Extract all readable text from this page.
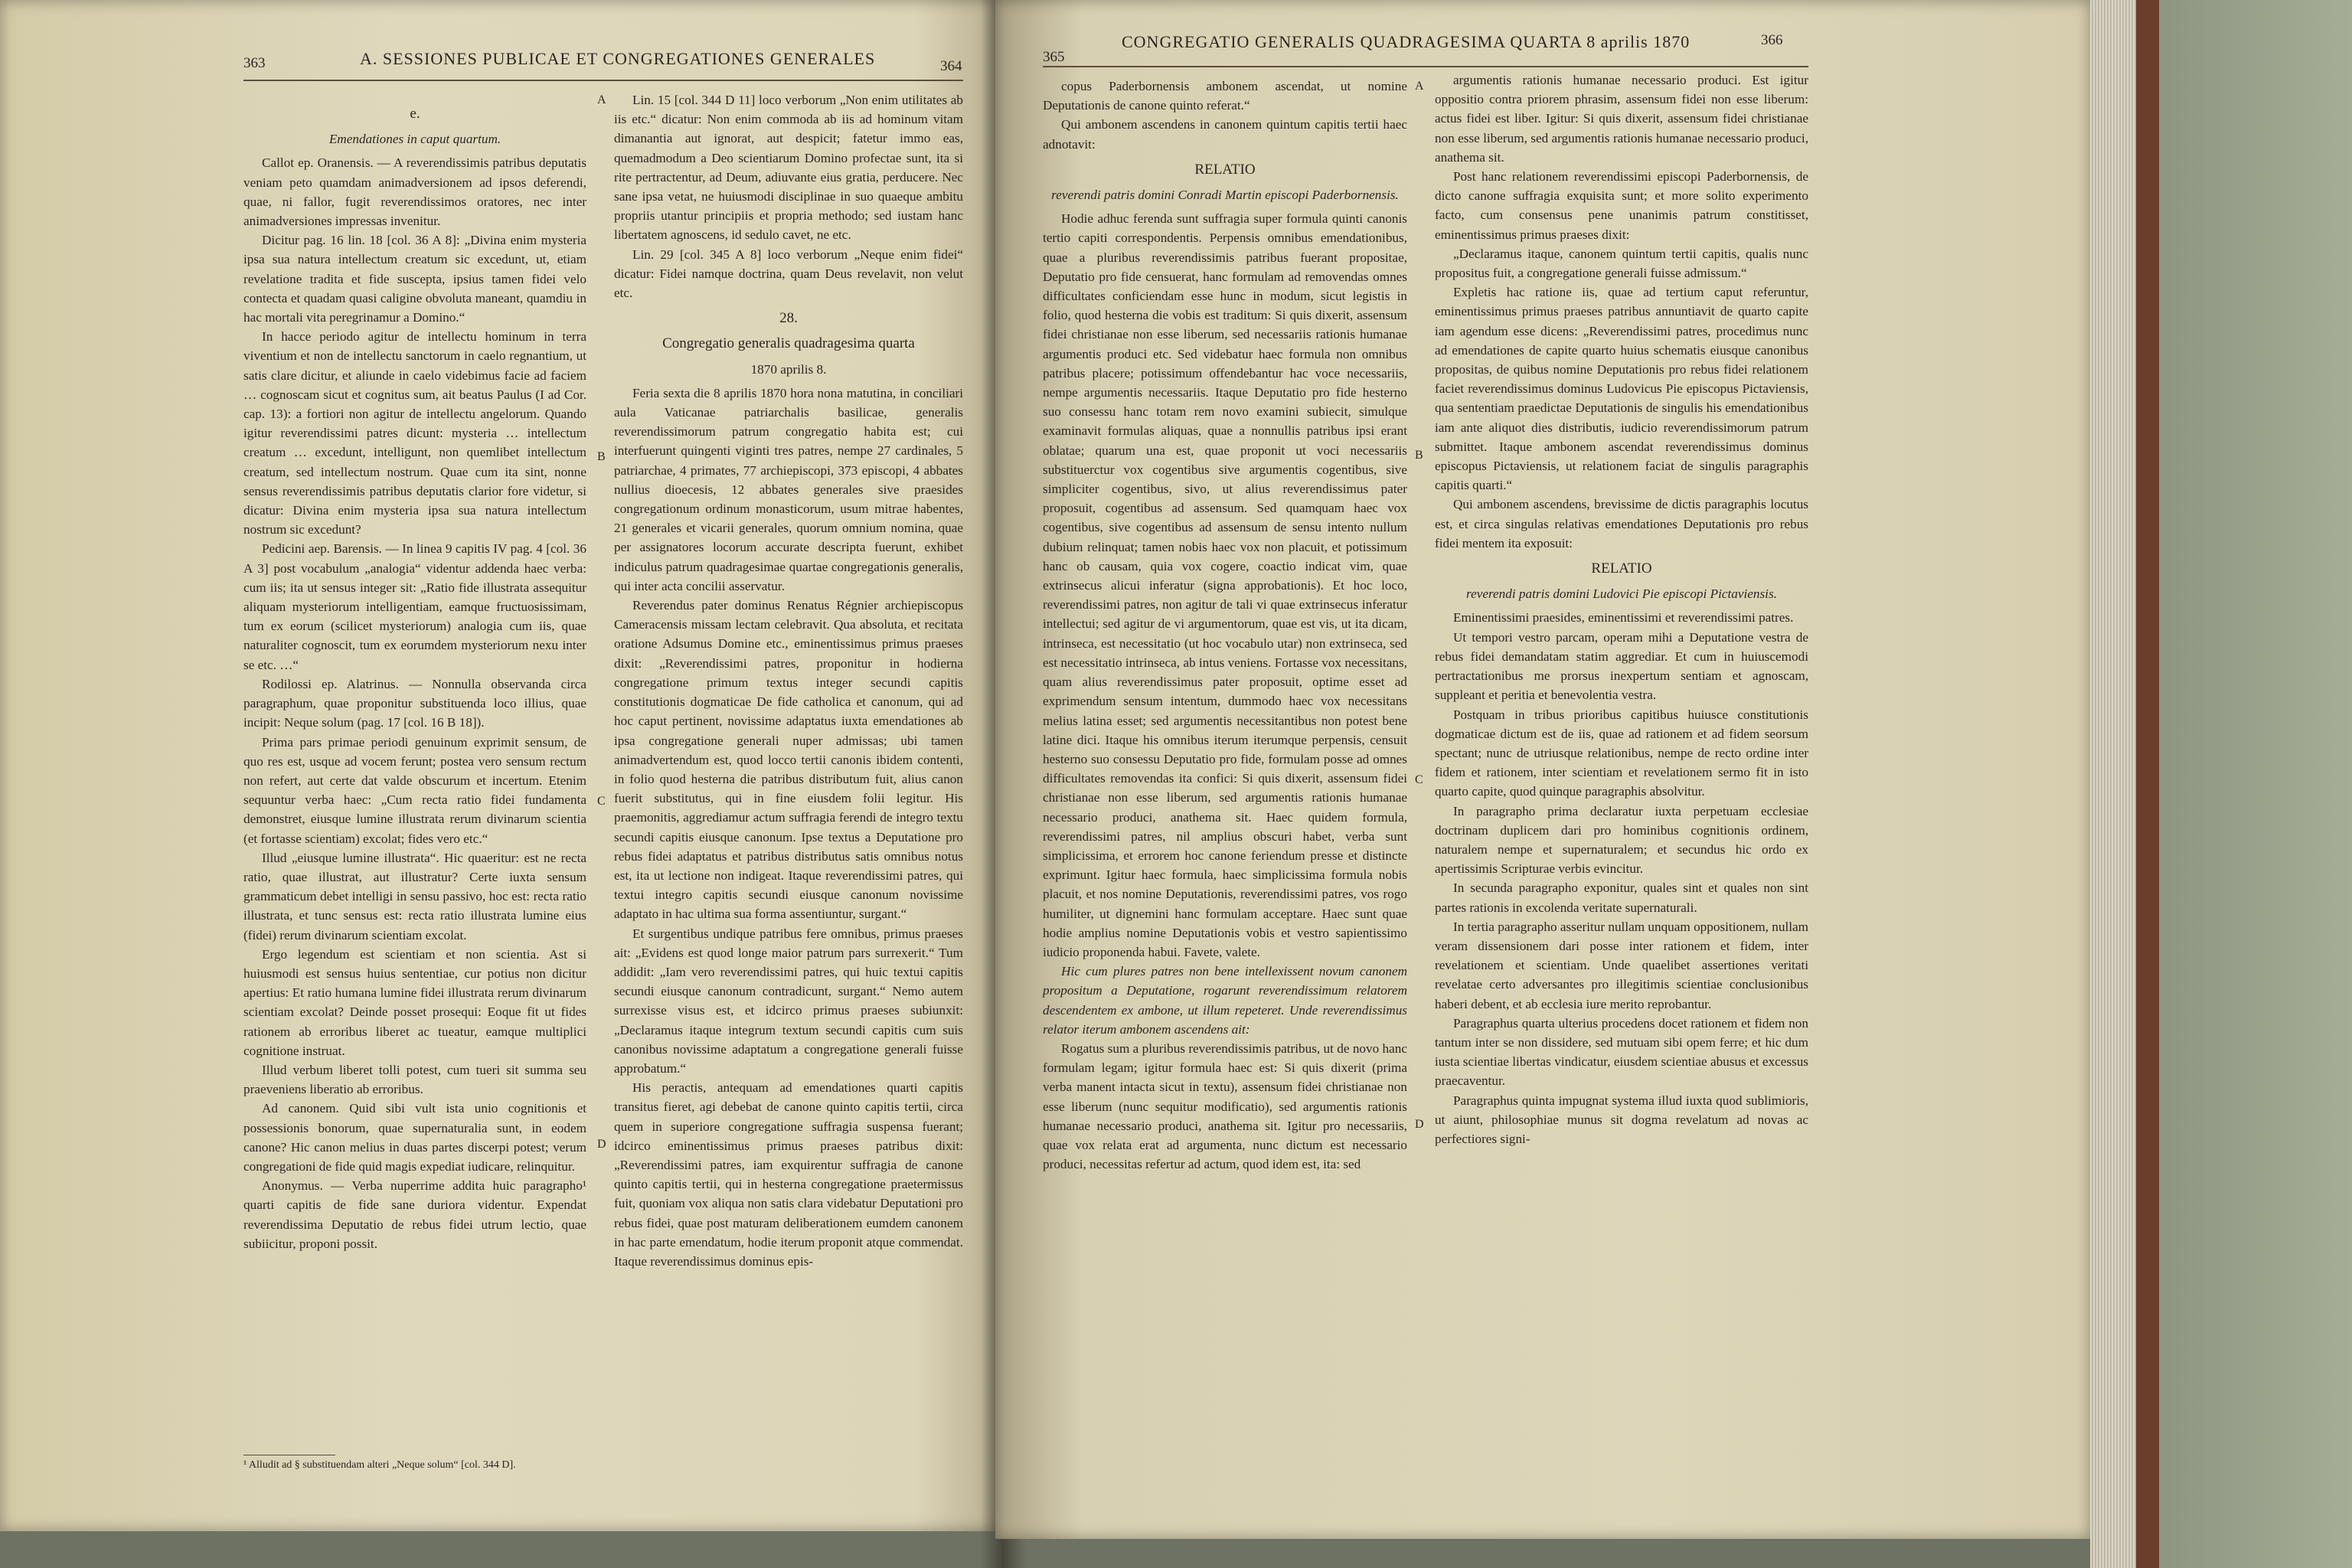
363	A. SESSIONES PUBLICAE ET CONGREGATIONES GENERALES	364

e.

Emendationes in caput quartum.

Callot ep. Oranensis. — A reverendissimis patribus deputatis veniam peto quamdam animadversionem ad ipsos deferendi, quae, ni fallor, fugit reverendissimos oratores, nec inter animadversiones impressas invenitur.

Dicitur pag. 16 lin. 18 [col. 36 A 8]: „Divina enim mysteria ipsa sua natura intellectum creatum sic excedunt, ut, etiam revelatione tradita et fide suscepta, ipsius tamen fidei velo contecta et quadam quasi caligine obvoluta maneant, quamdiu in hac mortali vita peregrinamur a Domino.“

In hacce periodo agitur de intellectu hominum in terra viventium et non de intellectu sanctorum in caelo regnantium, ut satis clare dicitur, et aliunde in caelo videbimus facie ad faciem … cognoscam sicut et cognitus sum, ait beatus Paulus (I ad Cor. cap. 13): a fortiori non agitur de intellectu angelorum. Quando igitur reverendissimi patres dicunt: mysteria … intellectum creatum … excedunt, intelligunt, non quemlibet intellectum creatum, sed intellectum nostrum. Quae cum ita sint, nonne sensus reverendissimis patribus deputatis clarior fore videtur, si dicatur: Divina enim mysteria ipsa sua natura intellectum nostrum sic excedunt?

Pedicini aep. Barensis. — In linea 9 capitis IV pag. 4 [col. 36 A 3] post vocabulum „analogia“ videntur addenda haec verba: cum iis; ita ut sensus integer sit: „Ratio fide illustrata assequitur aliquam mysteriorum intelligentiam, eamque fructuosissimam, tum ex eorum (scilicet mysteriorum) analogia cum iis, quae naturaliter cognoscit, tum ex eorumdem mysteriorum nexu inter se etc. …“

Rodilossi ep. Alatrinus. — Nonnulla observanda circa paragraphum, quae proponitur substituenda loco illius, quae incipit: Neque solum (pag. 17 [col. 16 B 18]).

Prima pars primae periodi genuinum exprimit sensum, de quo res est, usque ad vocem ferunt; postea vero sensum rectum non refert, aut certe dat valde obscurum et incertum. Etenim sequuntur verba haec: „Cum recta ratio fidei fundamenta demonstret, eiusque lumine illustrata rerum divinarum scientia (et fortasse scientiam) excolat; fides vero etc.“

Illud „eiusque lumine illustrata“. Hic quaeritur: est ne recta ratio, quae illustrat, aut illustratur? Certe iuxta sensum grammaticum debet intelligi in sensu passivo, hoc est: recta ratio illustrata, et tunc sensus est: recta ratio illustrata lumine eius (fidei) rerum divinarum scientiam excolat.

Ergo legendum est scientiam et non scientia. Ast si huiusmodi est sensus huius sententiae, cur potius non dicitur apertius: Et ratio humana lumine fidei illustrata rerum divinarum scientiam excolat? Deinde posset prosequi: Eoque fit ut fides rationem ab erroribus liberet ac tueatur, eamque multiplici cognitione instruat.

Illud verbum liberet tolli potest, cum tueri sit summa seu praeveniens liberatio ab erroribus.

Ad canonem. Quid sibi vult ista unio cognitionis et possessionis bonorum, quae supernaturalia sunt, in eodem canone? Hic canon melius in duas partes discerpi potest; verum congregationi de fide quid magis expediat iudicare, relinquitur.

Anonymus. — Verba nuperrime addita huic paragrapho¹ quarti capitis de fide sane duriora videntur. Expendat reverendissima Deputatio de rebus fidei utrum lectio, quae subiicitur, proponi possit.

¹ Alludit ad § substituendam alteri „Neque solum“ [col. 344 D].

Lin. 15 [col. 344 D 11] loco verborum „Non enim utilitates ab iis etc.“ dicatur: Non enim commoda ab iis ad hominum vitam dimanantia aut ignorat, aut despicit; fatetur immo eas, quemadmodum a Deo scientiarum Domino profectae sunt, ita si rite pertractentur, ad Deum, adiuvante eius gratia, perducere. Nec sane ipsa vetat, ne huiusmodi disciplinae in suo quaeque ambitu propriis utantur principiis et propria methodo; sed iustam hanc libertatem agnoscens, id sedulo cavet, ne etc.

Lin. 29 [col. 345 A 8] loco verborum „Neque enim fidei“ dicatur: Fidei namque doctrina, quam Deus revelavit, non velut etc.

28.

Congregatio generalis quadragesima quarta

1870 aprilis 8.

Feria sexta die 8 aprilis 1870 hora nona matutina, in conciliari aula Vaticanae patriarchalis basilicae, generalis reverendissimorum patrum congregatio habita est; cui interfuerunt quingenti viginti tres patres, nempe 27 cardinales, 5 patriarchae, 4 primates, 77 archiepiscopi, 373 episcopi, 4 abbates nullius dioecesis, 12 abbates generales sive praesides congregationum ordinum monasticorum, usum mitrae habentes, 21 generales et vicarii generales, quorum omnium nomina, quae per assignatores locorum accurate descripta fuerunt, exhibet indiculus patrum quadragesimae quartae congregationis generalis, qui inter acta concilii asservatur.

Reverendus pater dominus Renatus Régnier archiepiscopus Cameracensis missam lectam celebravit. Qua absoluta, et recitata oratione Adsumus Domine etc., eminentissimus primus praeses dixit: „Reverendissimi patres, proponitur in hodierna congregatione primum textus integer secundi capitis constitutionis dogmaticae De fide catholica et canonum, qui ad hoc caput pertinent, novissime adaptatus iuxta emendationes ab ipsa congregatione generali nuper admissas; ubi tamen animadvertendum est, quod locco tertii canonis ibidem contenti, in folio quod hesterna die patribus distributum fuit, alius canon fuerit substitutus, qui in fine eiusdem folii legitur. His praemonitis, aggrediamur actum suffragia ferendi de integro textu secundi capitis eiusque canonum. Ipse textus a Deputatione pro rebus fidei adaptatus et patribus distributus satis omnibus notus est, ita ut lectione non indigeat. Itaque reverendissimi patres, qui textui integro capitis secundi eiusque canonum novissime adaptato in hac ultima sua forma assentiuntur, surgant.“

Et surgentibus undique patribus fere omnibus, primus praeses ait: „Evidens est quod longe maior patrum pars surrexerit.“ Tum addidit: „Iam vero reverendissimi patres, qui huic textui capitis secundi eiusque canonum contradicunt, surgant.“ Nemo autem surrexisse visus est, et idcirco primus praeses subiunxit: „Declaramus itaque integrum textum secundi capitis cum suis canonibus novissime adaptatum a congregatione generali fuisse approbatum.“

His peractis, antequam ad emendationes quarti capitis transitus fieret, agi debebat de canone quinto capitis tertii, circa quem in superiore congregatione suffragia suspensa fuerant; idcirco eminentissimus primus praeses patribus dixit: „Reverendissimi patres, iam exquirentur suffragia de canone quinto capitis tertii, qui in hesterna congregatione praetermissus fuit, quoniam vox aliqua non satis clara videbatur Deputationi pro rebus fidei, quae post maturam deliberationem eumdem canonem in hac parte emendatum, hodie iterum proponit atque commendat. Itaque reverendissimus dominus epis-

A
B
C
D
365
CONGREGATIO GENERALIS QUADRAGESIMA QUARTA 8 aprilis 1870	366

copus Paderbornensis ambonem ascendat, ut nomine Deputationis de canone quinto referat.“

Qui ambonem ascendens in canonem quintum capitis tertii haec adnotavit:

RELATIO

reverendi patris domini Conradi Martin episcopi Paderbornensis.

Hodie adhuc ferenda sunt suffragia super formula quinti canonis tertio capiti correspondentis. Perpensis omnibus emendationibus, quae a pluribus reverendissimis patribus fuerant propositae, Deputatio pro fide censuerat, hanc formulam ad removendas omnes difficultates conficiendam esse hunc in modum, sicut legistis in folio, quod hesterna die vobis est traditum: Si quis dixerit, assensum fidei christianae non esse liberum, sed necessariis rationis humanae argumentis produci etc. Sed videbatur haec formula non omnibus patribus placere; potissimum offendebantur hac voce necessariis, nempe argumentis necessariis. Itaque Deputatio pro fide hesterno suo consessu hanc totam rem novo examini subiecit, simulque examinavit formulas aliquas, quae a nonnullis patribus ipsi erant oblatae; quarum una est, quae proponit ut voci necessariis substituerctur vox cogentibus sive argumentis cogentibus, sive simpliciter cogentibus, sivo, ut alius reverendissimus pater proposuit, cogentibus ad assensum. Sed quamquam haec vox cogentibus, sive cogentibus ad assensum de sensu intento nullum dubium relinquat; tamen nobis haec vox non placuit, et potissimum hanc ob causam, quia vox cogere, coactio indicat vim, quae extrinsecus alicui inferatur (signa approbationis). Et hoc loco, reverendissimi patres, non agitur de tali vi quae extrinsecus inferatur intellectui; sed agitur de vi argumentorum, quae est vis, ut ita dicam, intrinseca, est necessitatio (ut hoc vocabulo utar) non extrinseca, sed est necessitatio intrinseca, ab intus veniens. Fortasse vox necessitans, quam alius reverendissimus pater proposuit, optime esset ad exprimendum sensum intentum, dummodo haec vox necessitans melius latina esset; sed argumentis necessitantibus non potest bene latine dici. Itaque his omnibus iterum iterumque perpensis, censuit hesterno suo consessu Deputatio pro fide, formulam posse ad omnes difficultates removendas ita confici: Si quis dixerit, assensum fidei christianae non esse liberum, sed argumentis rationis humanae necessario produci, anathema sit. Haec quidem formula, reverendissimi patres, nil amplius obscuri habet, verba sunt simplicissima, et errorem hoc canone feriendum presse et distincte exprimunt. Igitur haec formula, haec simplicissima formula nobis placuit, et nos nomine Deputationis, reverendissimi patres, vos rogo humiliter, ut dignemini hanc formulam acceptare. Haec sunt quae hodie amplius nomine Deputationis vobis et vestro sapientissimo iudicio proponenda habui. Favete, valete.

Hic cum plures patres non bene intellexissent novum canonem propositum a Deputatione, rogarunt reverendissimum relatorem descendentem ex ambone, ut illum repeteret. Unde reverendissimus relator iterum ambonem ascendens ait:

Rogatus sum a pluribus reverendissimis patribus, ut de novo hanc formulam legam; igitur formula haec est: Si quis dixerit (prima verba manent intacta sicut in textu), assensum fidei christianae non esse liberum (nunc sequitur modificatio), sed argumentis rationis humanae necessario produci, anathema sit. Igitur pro necessariis, quae vox relata erat ad argumenta, nunc dictum est necessario produci, necessitas refertur ad actum, quod idem est, ita: sed

argumentis rationis humanae necessario produci. Est igitur oppositio contra priorem phrasim, assensum fidei non esse liberum: actus fidei est liber. Igitur: Si quis dixerit, assensum fidei christianae non esse liberum, sed argumentis rationis humanae necessario produci, anathema sit.

Post hanc relationem reverendissimi episcopi Paderbornensis, de dicto canone suffragia exquisita sunt; et more solito experimento facto, cum consensus pene unanimis patrum constitisset, eminentissimus primus praeses dixit:

„Declaramus itaque, canonem quintum tertii capitis, qualis nunc propositus fuit, a congregatione generali fuisse admissum.“

Expletis hac ratione iis, quae ad tertium caput referuntur, eminentissimus primus praeses patribus annuntiavit de quarto capite iam agendum esse dicens: „Reverendissimi patres, procedimus nunc ad emendationes de capite quarto huius schematis eiusque canonibus propositas, de quibus nomine Deputationis pro rebus fidei relationem faciet reverendissimus dominus Ludovicus Pie episcopus Pictaviensis, qua sententiam praedictae Deputationis de singulis his emendationibus iam ante aliquot dies distributis, iudicio reverendissimorum patrum submittet. Itaque ambonem ascendat reverendissimus dominus episcopus Pictaviensis, ut relationem faciat de singulis paragraphis capitis quarti.“

Qui ambonem ascendens, brevissime de dictis paragraphis locutus est, et circa singulas relativas emendationes Deputationis pro rebus fidei mentem ita exposuit:

RELATIO

reverendi patris domini Ludovici Pie episcopi Pictaviensis.

Eminentissimi praesides, eminentissimi et reverendissimi patres.

Ut tempori vestro parcam, operam mihi a Deputatione vestra de rebus fidei demandatam statim aggrediar. Et cum in huiuscemodi pertractationibus me prorsus inexpertum sentiam et agnoscam, suppleant et peritia et benevolentia vestra.

Postquam in tribus prioribus capitibus huiusce constitutionis dogmaticae dictum est de iis, quae ad rationem et ad fidem seorsum spectant; nunc de utriusque relationibus, nempe de recto ordine inter fidem et rationem, inter scientiam et revelationem sermo fit in isto quarto capite, quod quinque paragraphis absolvitur.

In paragrapho prima declaratur iuxta perpetuam ecclesiae doctrinam duplicem dari pro hominibus cognitionis ordinem, naturalem nempe et supernaturalem; et secundus hic ordo ex apertissimis Scripturae verbis evincitur.

In secunda paragrapho exponitur, quales sint et quales non sint partes rationis in excolenda veritate supernaturali.

In tertia paragrapho asseritur nullam unquam oppositionem, nullam veram dissensionem dari posse inter rationem et fidem, inter revelationem et scientiam. Unde quaelibet assertiones veritati revelatae certo adversantes pro illegitimis scientiae conclusionibus haberi debent, et ab ecclesia iure merito reprobantur.

Paragraphus quarta ulterius procedens docet rationem et fidem non tantum inter se non dissidere, sed mutuam sibi opem ferre; et hic dum iusta scientiae libertas vindicatur, eiusdem scientiae abusus et excessus praecaventur.

Paragraphus quinta impugnat systema illud iuxta quod sublimioris, ut aiunt, philosophiae munus sit dogma revelatum ad novas ac perfectiores signi-

A
B
C
D
